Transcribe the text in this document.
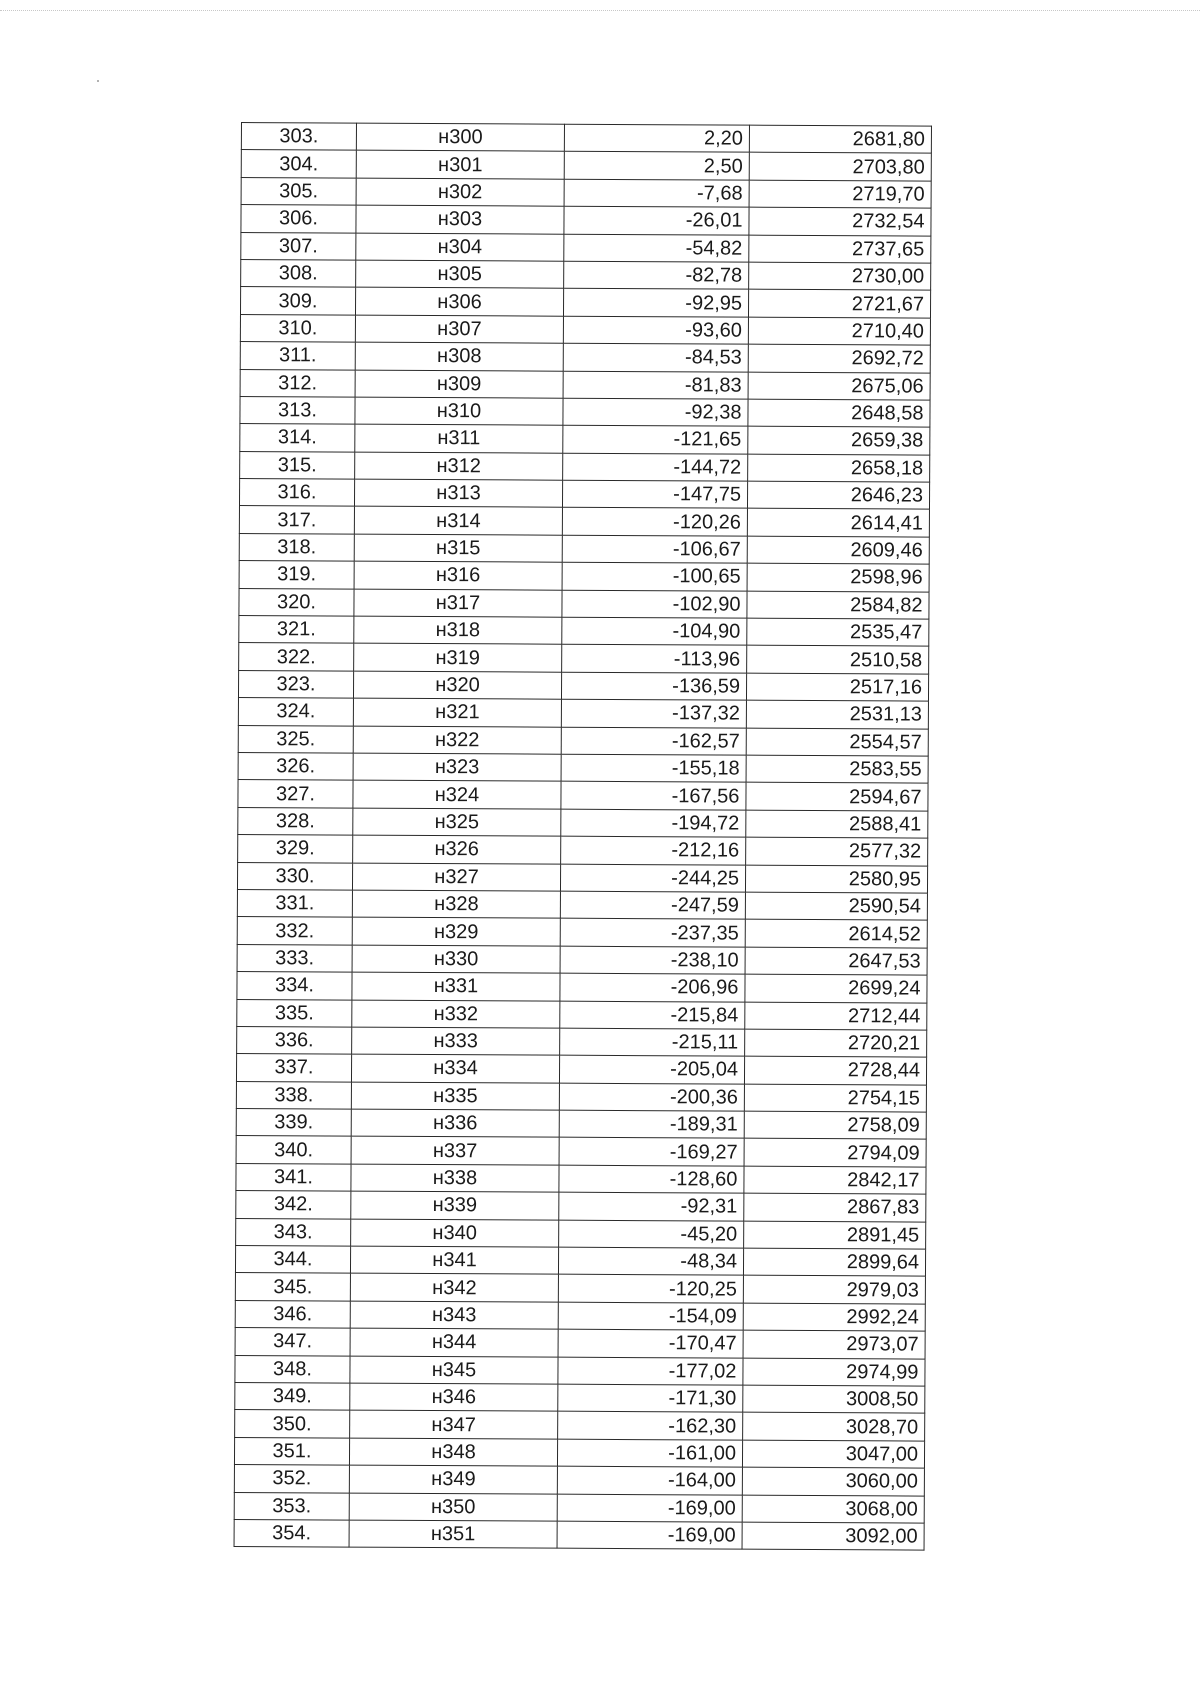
303.	н300	2,20	2681,80
304.	н301	2,50	2703,80
305.	н302	-7,68	2719,70
306.	н303	-26,01	2732,54
307.	н304	-54,82	2737,65
308.	н305	-82,78	2730,00
309.	н306	-92,95	2721,67
310.	н307	-93,60	2710,40
311.	н308	-84,53	2692,72
312.	н309	-81,83	2675,06
313.	н310	-92,38	2648,58
314.	н311	-121,65	2659,38
315.	н312	-144,72	2658,18
316.	н313	-147,75	2646,23
317.	н314	-120,26	2614,41
318.	н315	-106,67	2609,46
319.	н316	-100,65	2598,96
320.	н317	-102,90	2584,82
321.	н318	-104,90	2535,47
322.	н319	-113,96	2510,58
323.	н320	-136,59	2517,16
324.	н321	-137,32	2531,13
325.	н322	-162,57	2554,57
326.	н323	-155,18	2583,55
327.	н324	-167,56	2594,67
328.	н325	-194,72	2588,41
329.	н326	-212,16	2577,32
330.	н327	-244,25	2580,95
331.	н328	-247,59	2590,54
332.	н329	-237,35	2614,52
333.	н330	-238,10	2647,53
334.	н331	-206,96	2699,24
335.	н332	-215,84	2712,44
336.	н333	-215,11	2720,21
337.	н334	-205,04	2728,44
338.	н335	-200,36	2754,15
339.	н336	-189,31	2758,09
340.	н337	-169,27	2794,09
341.	н338	-128,60	2842,17
342.	н339	-92,31	2867,83
343.	н340	-45,20	2891,45
344.	н341	-48,34	2899,64
345.	н342	-120,25	2979,03
346.	н343	-154,09	2992,24
347.	н344	-170,47	2973,07
348.	н345	-177,02	2974,99
349.	н346	-171,30	3008,50
350.	н347	-162,30	3028,70
351.	н348	-161,00	3047,00
352.	н349	-164,00	3060,00
353.	н350	-169,00	3068,00
354.	н351	-169,00	3092,00
